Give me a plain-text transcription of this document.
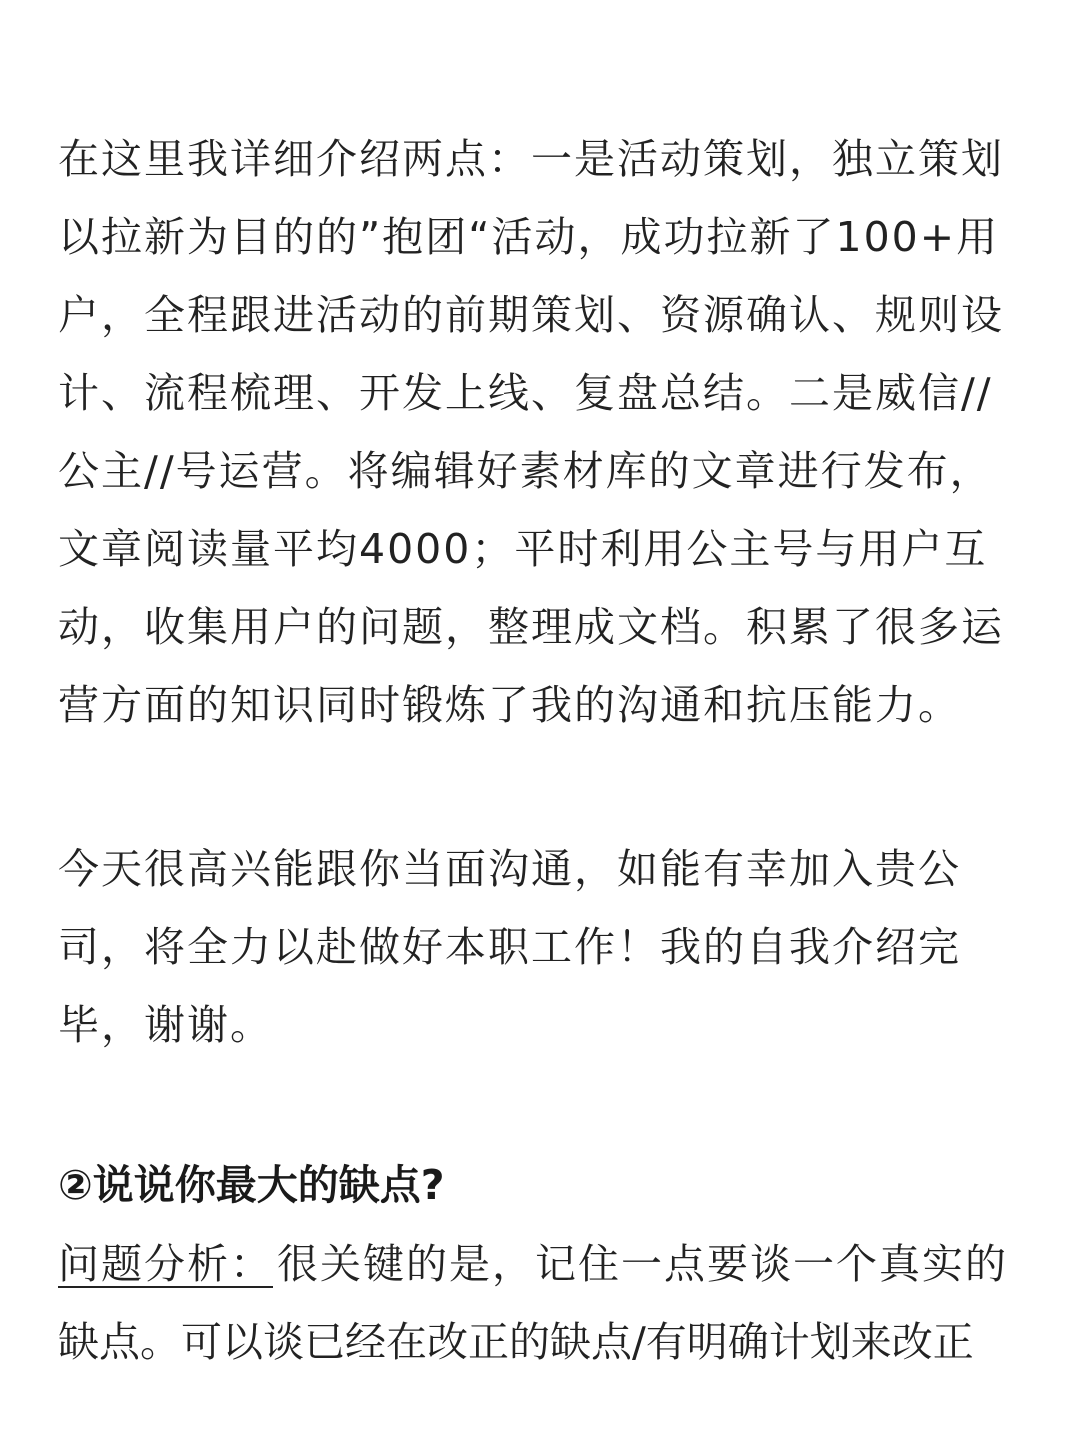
在这里我详细介绍两点：一是活动策划，独立策划
以拉新为目的的”抱团“活动，成功拉新了100+用
户，全程跟进活动的前期策划、资源确认、规则设
计、流程梳理、开发上线、复盘总结。二是威信//
公主//号运营。将编辑好素材库的文章进行发布，
文章阅读量平均4000；平时利用公主号与用户互
动，收集用户的问题，整理成文档。积累了很多运
营方面的知识同时锻炼了我的沟通和抗压能力。
今天很高兴能跟你当面沟通，如能有幸加入贵公
司，将全力以赴做好本职工作！我的自我介绍完
毕，谢谢。
②说说你最大的缺点?
问题分析：很关键的是，记住一点要谈一个真实的
缺点。可以谈已经在改正的缺点/有明确计划来改正
